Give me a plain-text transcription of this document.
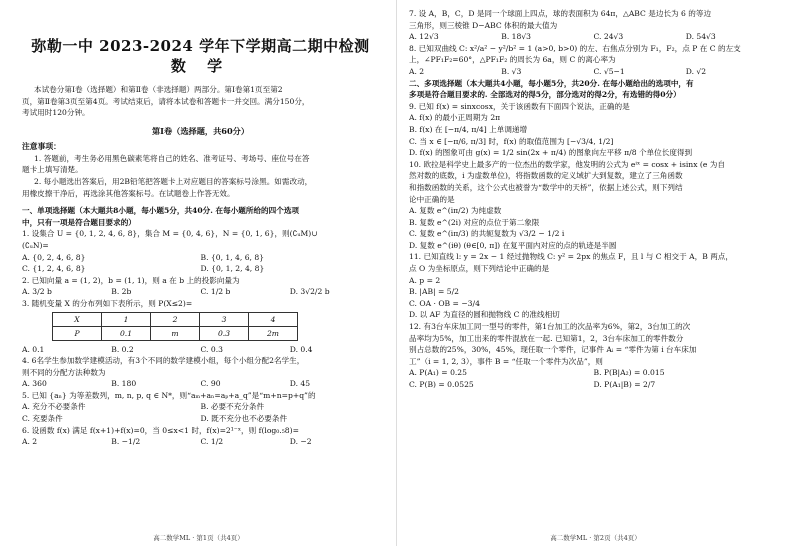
弥勒一中 2023-2024 学年下学期高二期中检测
数 学
本试卷分第Ⅰ卷（选择题）和第Ⅱ卷（非选择题）两部分。第Ⅰ卷第1页至第2
页，第Ⅱ卷第3页至第4页。考试结束后，请将本试卷和答题卡一并交回。满分150分，
考试用时120分钟。
第Ⅰ卷（选择题，共60分）
注意事项：
1. 答题前，考生务必用黑色碳素笔将自己的姓名、准考证号、考场号、座位号在答
题卡上填写清楚。
2. 每小题选出答案后，用2B铅笔把答题卡上对应题目的答案标号涂黑。如需改动，
用橡皮擦干净后，再选涂其他答案标号。在试题卷上作答无效。
一、单项选择题（本大题共8小题，每小题5分，共40分. 在每小题所给的四个选项
中，只有一项是符合题目要求的）
1. 设集合 U = {0, 1, 2, 4, 6, 8}，集合 M = {0, 4, 6}，N = {0, 1, 6}，则(∁ᵤM)∪
(∁ᵤN)=
A. {0, 2, 4, 6, 8}	B. {0, 1, 4, 6, 8}
C. {1, 2, 4, 6, 8}	D. {0, 1, 2, 4, 8}
2. 已知向量 a = (1, 2)，b = (1, 1)，则 a 在 b 上的投影向量为
A. 3/2 b	B. 2b	C. 1/2 b	D. 3√2/2 b
3. 随机变量 X 的分布列如下表所示，则 P(X≤2)=
X	1	2	3	4
P	0.1	m	0.3	2m
A. 0.1	B. 0.2	C. 0.3	D. 0.4
4. 6名学生参加数学建模活动，有3个不同的数学建模小组，每个小组分配2名学生，
则不同的分配方法种数为
A. 360	B. 180	C. 90	D. 45
5. 已知 {aₙ} 为等差数列，m, n, p, q ∈ N*，则“aₘ+aₙ=aₚ+a_q”是“m+n=p+q”的
A. 充分不必要条件	B. 必要不充分条件
C. 充要条件	D. 既不充分也不必要条件
6. 设函数 f(x) 满足 f(x+1)+f(x)=0，当 0≤x<1 时，f(x)=2¹⁻ˣ，则 f(log₀.₅8)=
A. 2	B. −1/2	C. 1/2	D. −2
高二数学ML · 第1页（共4页）
7. 设 A，B，C，D 是同一个球面上四点，球的表面积为 64π，△ABC 是边长为 6 的等边
三角形，则三棱锥 D−ABC 体积的最大值为
A. 12√3	B. 18√3	C. 24√3	D. 54√3
8. 已知双曲线 C: x²/a² − y²/b² = 1 (a>0, b>0) 的左、右焦点分别为 F₁，F₂，点 P 在 C 的左支
上，∠PF₁F₂=60°，△PF₁F₂ 的周长为 6a，则 C 的离心率为
A. 2	B. √3	C. √5−1	D. √2
二、多项选择题（本大题共4小题，每小题5分，共20分. 在每小题给出的选项中，有
多项是符合题目要求的. 全部选对的得5分，部分选对的得2分，有选错的得0分）
9. 已知 f(x) = sinxcosx，关于该函数有下面四个说法，正确的是
A. f(x) 的最小正周期为 2π
B. f(x) 在 [−π/4, π/4] 上单调递增
C. 当 x ∈ [−π/6, π/3] 时，f(x) 的取值范围为 [−√3/4, 1/2]
D. f(x) 的图象可由 g(x) = 1/2 sin(2x + π/4) 的图象向左平移 π/8 个单位长度得到
10. 欧拉是科学史上最多产的一位杰出的数学家，他发明的公式为 eⁱˣ = cosx + isinx (e 为自
然对数的底数，i 为虚数单位)，将指数函数的定义域扩大到复数，建立了三角函数
和指数函数的关系，这个公式也被誉为“数学中的天桥”，依据上述公式，则下列结
论中正确的是
A. 复数 e^(iπ/2) 为纯虚数
B. 复数 e^(2i) 对应的点位于第二象限
C. 复数 e^(iπ/3) 的共轭复数为 √3/2 − 1/2 i
D. 复数 e^(iθ) (θ∈[0, π]) 在复平面内对应的点的轨迹是半圆
11. 已知直线 l: y = 2x − 1 经过抛物线 C: y² = 2px 的焦点 F，且 l 与 C 相交于 A，B 两点，
点 O 为坐标原点，则下列结论中正确的是
A. p = 2
B. |AB| = 5/2
C. OA · OB = −3/4
D. 以 AF 为直径的圆和抛物线 C 的准线相切
12. 有3台车床加工同一型号的零件，第1台加工的次品率为6%，第2，3台加工的次
品率均为5%，加工出来的零件混放在一起. 已知第1，2，3台车床加工的零件数分
别占总数的25%，30%，45%，现任取一个零件，记事件 Aᵢ = “零件为第 i 台车床加
工”（i = 1, 2, 3），事件 B = “任取一个零件为次品”，则
A. P(A₁) = 0.25	B. P(B|A₂) = 0.015
C. P(B) = 0.0525	D. P(A₁|B) = 2/7
高二数学ML · 第2页（共4页）
